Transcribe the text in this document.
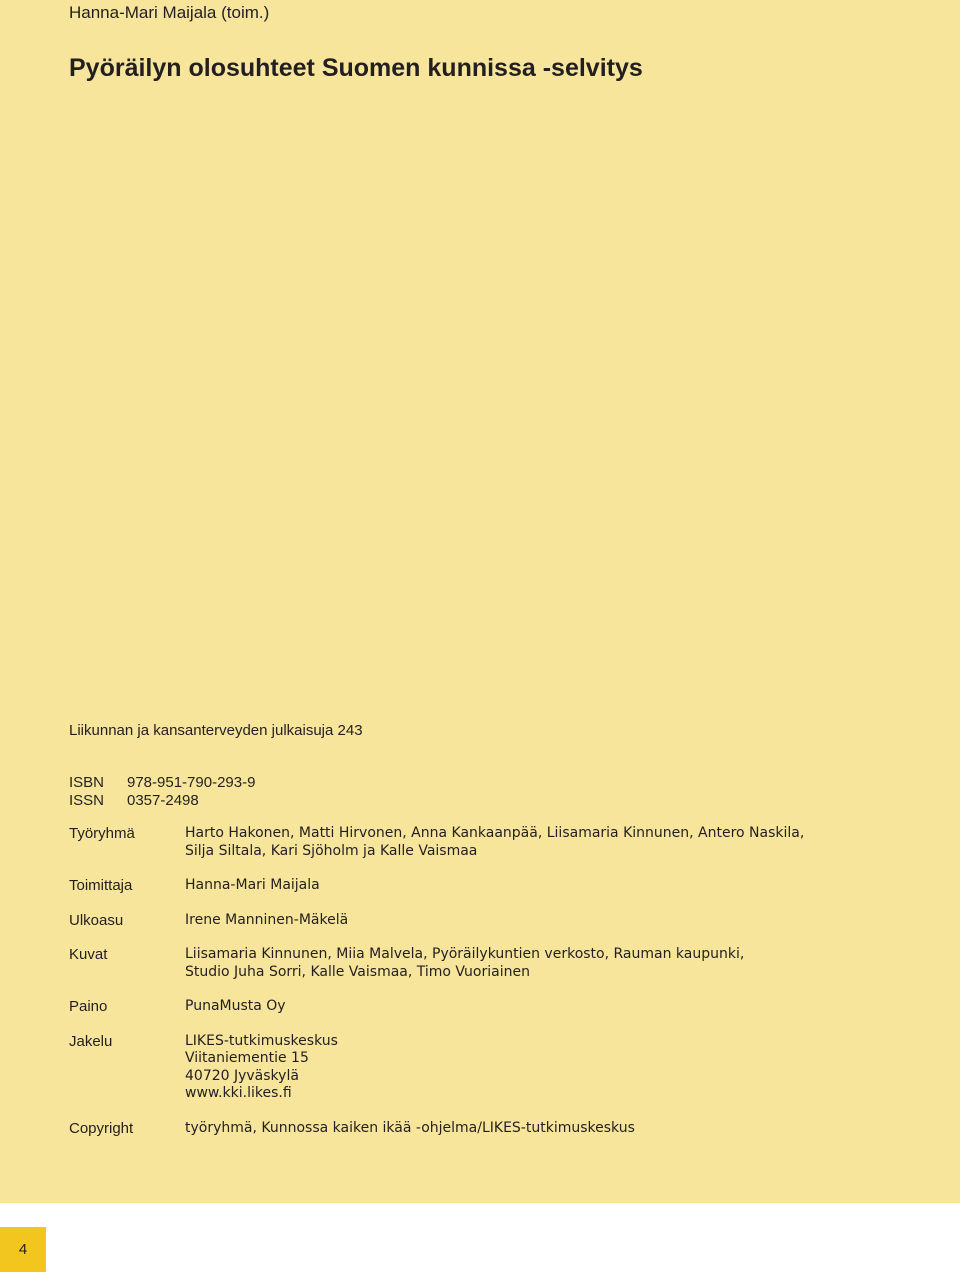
Hanna-Mari Maijala (toim.)
Pyöräilyn olosuhteet Suomen kunnissa -selvitys
Liikunnan ja kansanterveyden julkaisuja 243
ISBN	978-951-790-293-9
ISSN	0357-2498
Työryhmä	Harto Hakonen, Matti Hirvonen, Anna Kankaanpää, Liisamaria Kinnunen, Antero Naskila,
Silja Siltala, Kari Sjöholm ja Kalle Vaismaa
Toimittaja	Hanna-Mari Maijala
Ulkoasu	Irene Manninen-Mäkelä
Kuvat	Liisamaria Kinnunen, Miia Malvela, Pyöräilykuntien verkosto, Rauman kaupunki,
Studio Juha Sorri, Kalle Vaismaa, Timo Vuoriainen
Paino	PunaMusta Oy
Jakelu	LIKES-tutkimuskeskus
Viitaniementie 15
40720 Jyväskylä
www.kki.likes.fi
Copyright	työryhmä, Kunnossa kaiken ikää -ohjelma/LIKES-tutkimuskeskus
4
